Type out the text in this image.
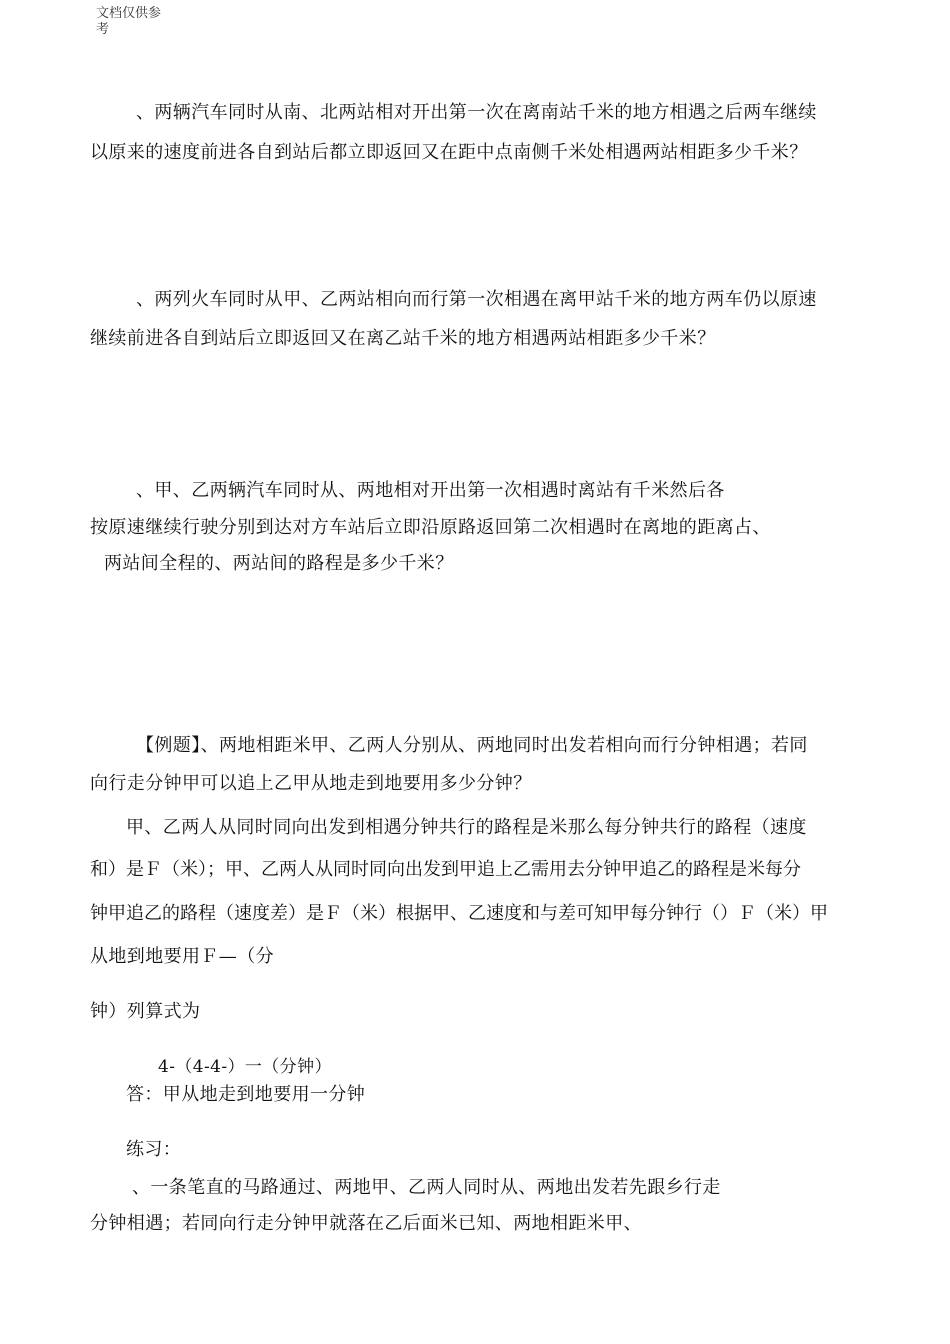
文档仅供参
考
、两辆汽车同时从南、北两站相对开出第一次在离南站千米的地方相遇之后两车继续
以原来的速度前进各自到站后都立即返回又在距中点南侧千米处相遇两站相距多少千米？
、两列火车同时从甲、乙两站相向而行第一次相遇在离甲站千米的地方两车仍以原速
继续前进各自到站后立即返回又在离乙站千米的地方相遇两站相距多少千米？
、甲、乙两辆汽车同时从、两地相对开出第一次相遇时离站有千米然后各
按原速继续行驶分别到达对方车站后立即沿原路返回第二次相遇时在离地的距离占、
两站间全程的、两站间的路程是多少千米？
【例题】、两地相距米甲、乙两人分别从、两地同时出发若相向而行分钟相遇；若同
向行走分钟甲可以追上乙甲从地走到地要用多少分钟？
甲、乙两人从同时同向出发到相遇分钟共行的路程是米那么每分钟共行的路程（速度
和）是Ｆ（米）；甲、乙两人从同时同向出发到甲追上乙需用去分钟甲追乙的路程是米每分
钟甲追乙的路程（速度差）是Ｆ（米）根据甲、乙速度和与差可知甲每分钟行（）Ｆ（米）甲
从地到地要用Ｆ—（分
钟）列算式为
4-（4-4-）一（分钟）
答：甲从地走到地要用一分钟
练习：
、一条笔直的马路通过、两地甲、乙两人同时从、两地出发若先跟乡行走
分钟相遇；若同向行走分钟甲就落在乙后面米已知、两地相距米甲、
